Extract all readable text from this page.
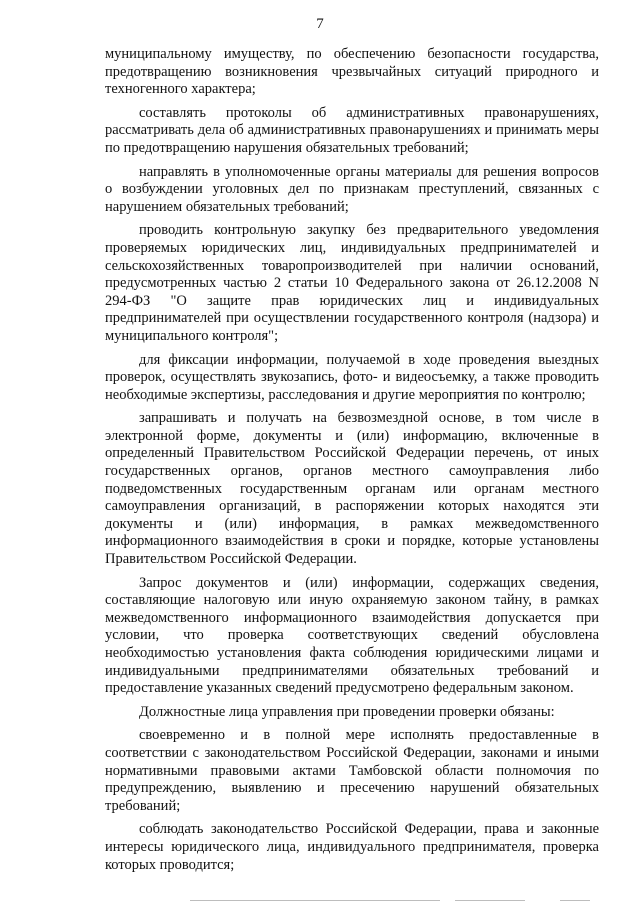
7

муниципальному имуществу, по обеспечению безопасности государства, предотвращению возникновения чрезвычайных ситуаций природного и техногенного характера;

составлять протоколы об административных правонарушениях, рассматривать дела об административных правонарушениях и принимать меры по предотвращению нарушения обязательных требований;

направлять в уполномоченные органы материалы для решения вопросов о возбуждении уголовных дел по признакам преступлений, связанных с нарушением обязательных требований;

проводить контрольную закупку без предварительного уведомления проверяемых юридических лиц, индивидуальных предпринимателей и сельскохозяйственных товаропроизводителей при наличии оснований, предусмотренных частью 2 статьи 10 Федерального закона от 26.12.2008 N 294-ФЗ "О защите прав юридических лиц и индивидуальных предпринимателей при осуществлении государственного контроля (надзора) и муниципального контроля";

для фиксации информации, получаемой в ходе проведения выездных проверок, осуществлять звукозапись, фото- и видеосъемку, а также проводить необходимые экспертизы, расследования и другие мероприятия по контролю;

запрашивать и получать на безвозмездной основе, в том числе в электронной форме, документы и (или) информацию, включенные в определенный Правительством Российской Федерации перечень, от иных государственных органов, органов местного самоуправления либо подведомственных государственным органам или органам местного самоуправления организаций, в распоряжении которых находятся эти документы и (или) информация, в рамках межведомственного информационного взаимодействия в сроки и порядке, которые установлены Правительством Российской Федерации.

Запрос документов и (или) информации, содержащих сведения, составляющие налоговую или иную охраняемую законом тайну, в рамках межведомственного информационного взаимодействия допускается при условии, что проверка соответствующих сведений обусловлена необходимостью установления факта соблюдения юридическими лицами и индивидуальными предпринимателями обязательных требований и предоставление указанных сведений предусмотрено федеральным законом.

Должностные лица управления при проведении проверки обязаны:

своевременно и в полной мере исполнять предоставленные в соответствии с законодательством Российской Федерации, законами и иными нормативными правовыми актами Тамбовской области полномочия по предупреждению, выявлению и пресечению нарушений обязательных требований;

соблюдать законодательство Российской Федерации, права и законные интересы юридического лица, индивидуального предпринимателя, проверка которых проводится;
